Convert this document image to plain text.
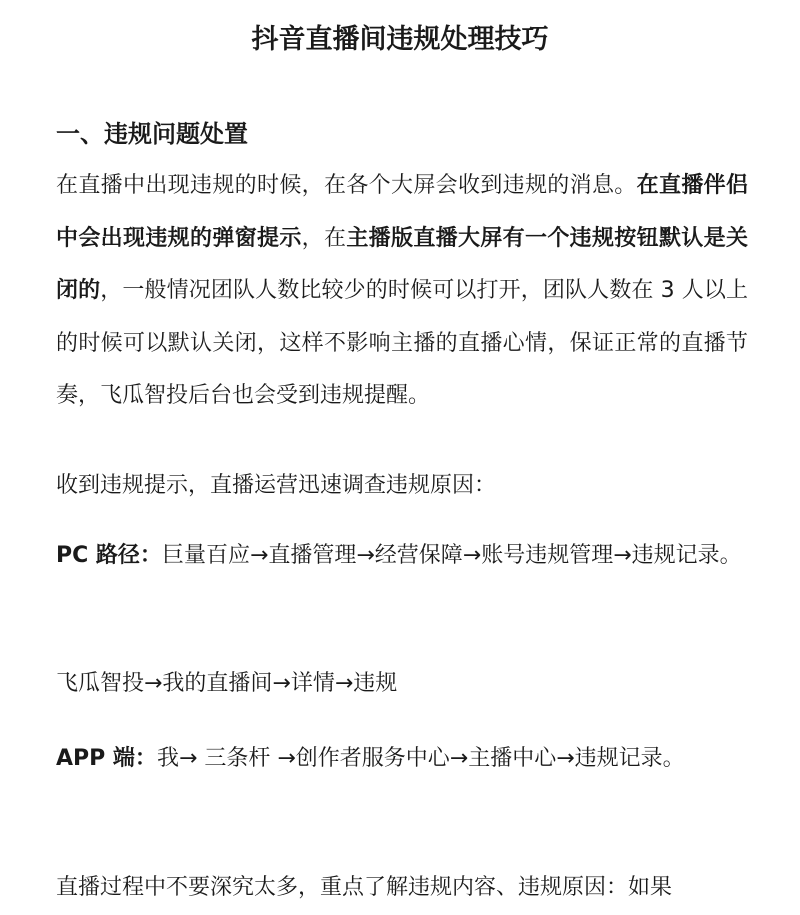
抖音直播间违规处理技巧
一、违规问题处置

在直播中出现违规的时候，在各个大屏会收到违规的消息。在直播伴侣中会出现违规的弹窗提示，在主播版直播大屏有一个违规按钮默认是关闭的，一般情况团队人数比较少的时候可以打开，团队人数在 3 人以上的时候可以默认关闭，这样不影响主播的直播心情，保证正常的直播节奏，飞瓜智投后台也会受到违规提醒。

收到违规提示，直播运营迅速调查违规原因：

PC 路径：巨量百应→直播管理→经营保障→账号违规管理→违规记录。

飞瓜智投→我的直播间→详情→违规

APP 端：我→ 三条杆 →创作者服务中心→主播中心→违规记录。

直播过程中不要深究太多，重点了解违规内容、违规原因：如果
